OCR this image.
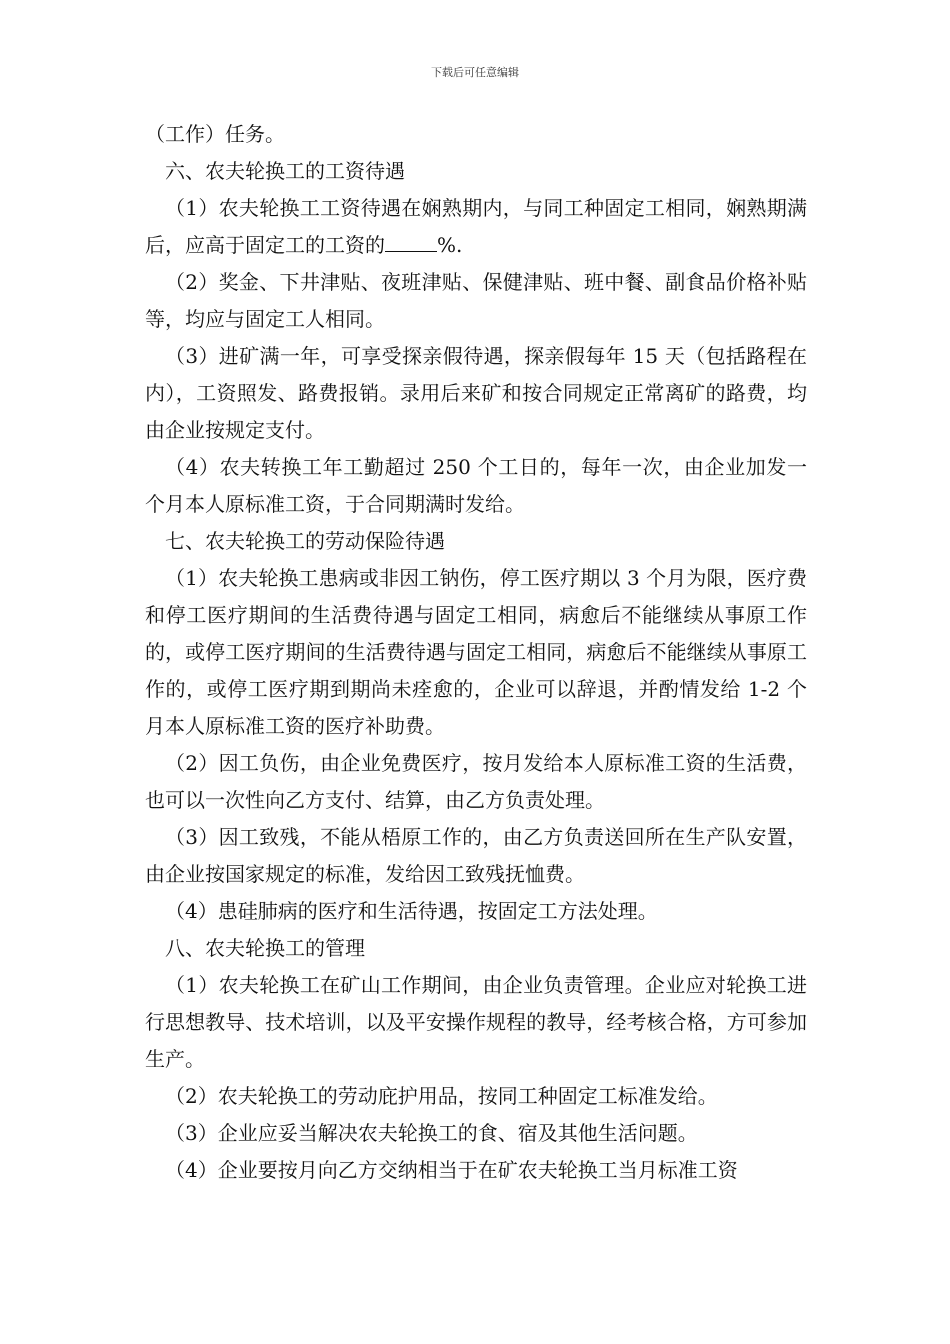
下载后可任意编辑

（工作）任务。

六、农夫轮换工的工资待遇

（1）农夫轮换工工资待遇在娴熟期内，与同工种固定工相同，娴熟期满后，应高于固定工的工资的	%.

（2）奖金、下井津贴、夜班津贴、保健津贴、班中餐、副食品价格补贴等，均应与固定工人相同。

（3）进矿满一年，可享受探亲假待遇，探亲假每年 15 天（包括路程在内），工资照发、路费报销。录用后来矿和按合同规定正常离矿的路费，均由企业按规定支付。

（4）农夫转换工年工勤超过 250 个工日的，每年一次，由企业加发一个月本人原标准工资，于合同期满时发给。

七、农夫轮换工的劳动保险待遇

（1）农夫轮换工患病或非因工钠伤，停工医疗期以 3 个月为限，医疗费和停工医疗期间的生活费待遇与固定工相同，病愈后不能继续从事原工作的，或停工医疗期间的生活费待遇与固定工相同，病愈后不能继续从事原工作的，或停工医疗期到期尚未痊愈的，企业可以辞退，并酌情发给 1-2 个月本人原标准工资的医疗补助费。

（2）因工负伤，由企业免费医疗，按月发给本人原标准工资的生活费，也可以一次性向乙方支付、结算，由乙方负责处理。

（3）因工致残，不能从梧原工作的，由乙方负责送回所在生产队安置，由企业按国家规定的标准，发给因工致残抚恤费。

（4）患硅肺病的医疗和生活待遇，按固定工方法处理。

八、农夫轮换工的管理

（1）农夫轮换工在矿山工作期间，由企业负责管理。企业应对轮换工进行思想教导、技术培训，以及平安操作规程的教导，经考核合格，方可参加生产。

（2）农夫轮换工的劳动庇护用品，按同工种固定工标准发给。

（3）企业应妥当解决农夫轮换工的食、宿及其他生活问题。

（4）企业要按月向乙方交纳相当于在矿农夫轮换工当月标准工资
